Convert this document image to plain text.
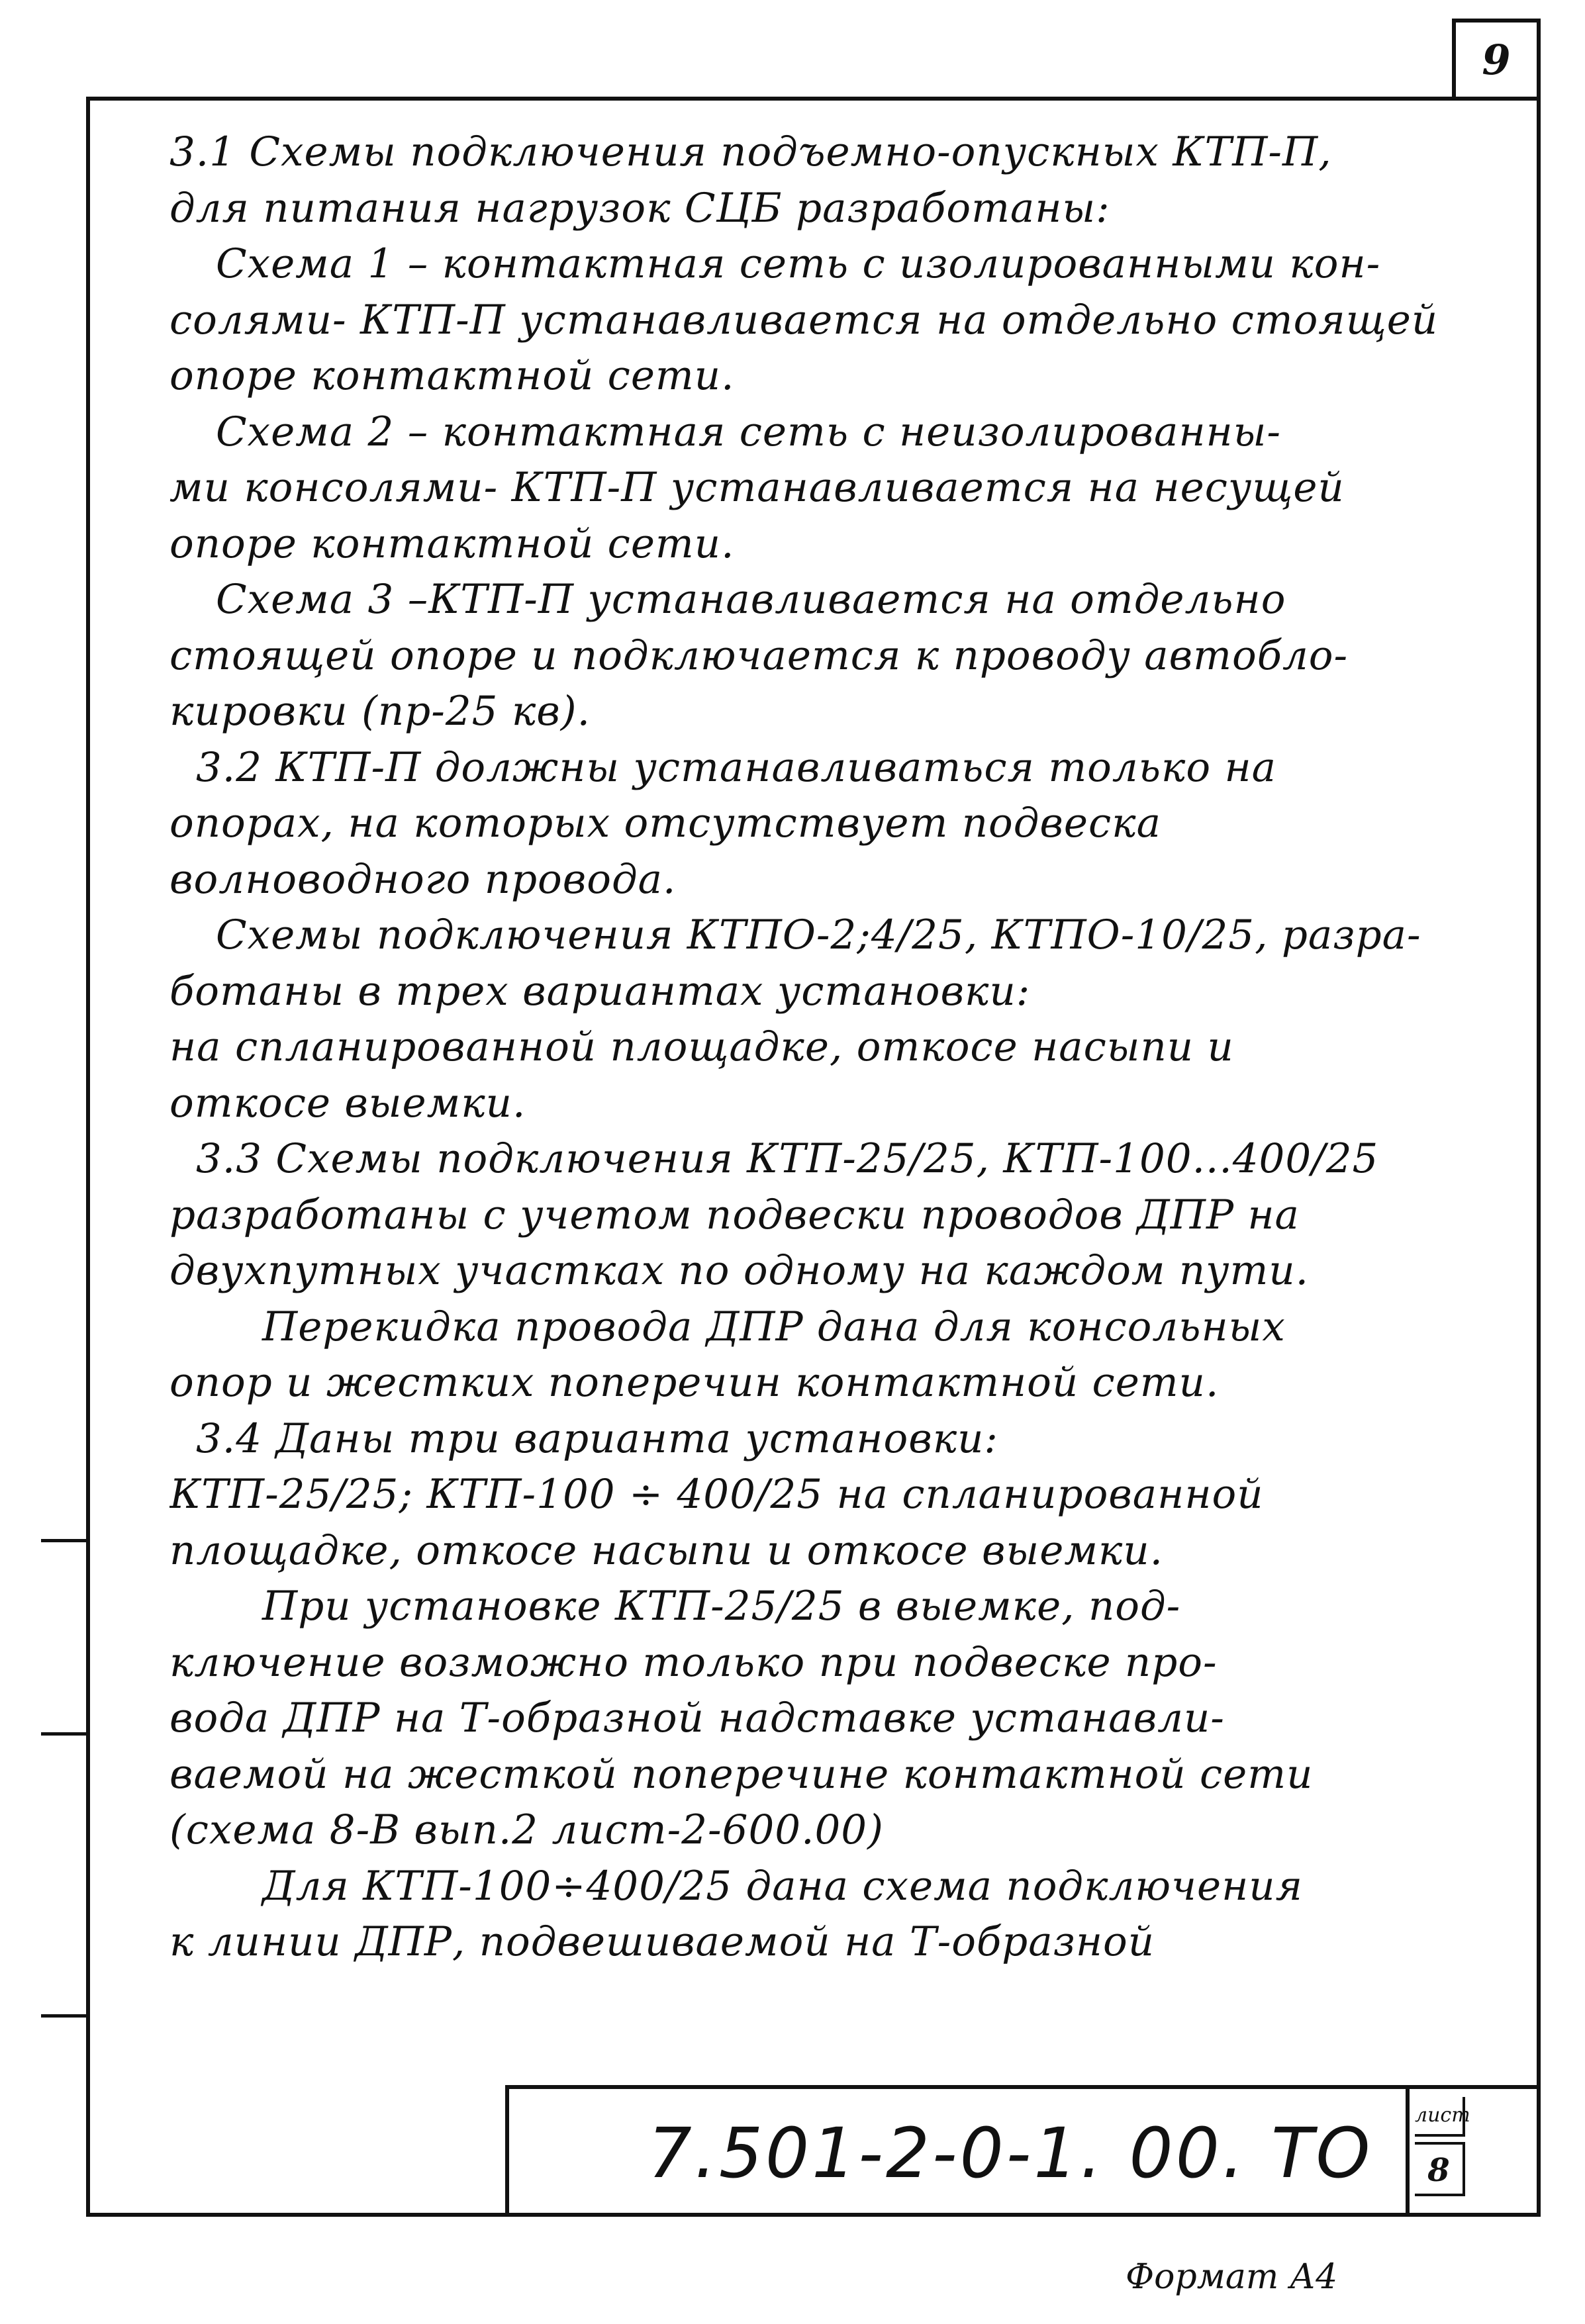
9
3.1 Схемы подключения подъемно-опускных КТП-П,
для питания нагрузок СЦБ разработаны:
Схема 1 – контактная сеть с изолированными кон-
солями- КТП-П устанавливается на отдельно стоящей
опоре контактной сети.
Схема 2 – контактная сеть с неизолированны-
ми консолями- КТП-П устанавливается на несущей
опоре контактной сети.
Схема 3 –КТП-П устанавливается на отдельно
стоящей опоре и подключается к проводу автобло-
кировки (пр-25 кв).
3.2 КТП-П должны устанавливаться только на
опорах, на которых отсутствует подвеска
волноводного провода.
Схемы подключения КТПО-2;4/25, КТПО-10/25, разра-
ботаны в трех вариантах установки:
на спланированной площадке, откосе насыпи и
откосе выемки.
3.3 Схемы подключения КТП-25/25, КТП-100...400/25
разработаны с учетом подвески проводов ДПР на
двухпутных участках по одному на каждом пути.
Перекидка провода ДПР дана для консольных
опор и жестких поперечин контактной сети.
3.4 Даны три варианта установки:
КТП-25/25; КТП-100 ÷ 400/25 на спланированной
площадке, откосе насыпи и откосе выемки.
При установке КТП-25/25 в выемке, под-
ключение возможно только при подвеске про-
вода ДПР на Т-образной надставке устанавли-
ваемой на жесткой поперечине контактной сети
(схема 8-В вып.2 лист-2-600.00)
Для КТП-100÷400/25 дана схема подключения
к линии ДПР, подвешиваемой на Т-образной
7.501-2-0-1. 00. ТО	лист
8
Формат А4
